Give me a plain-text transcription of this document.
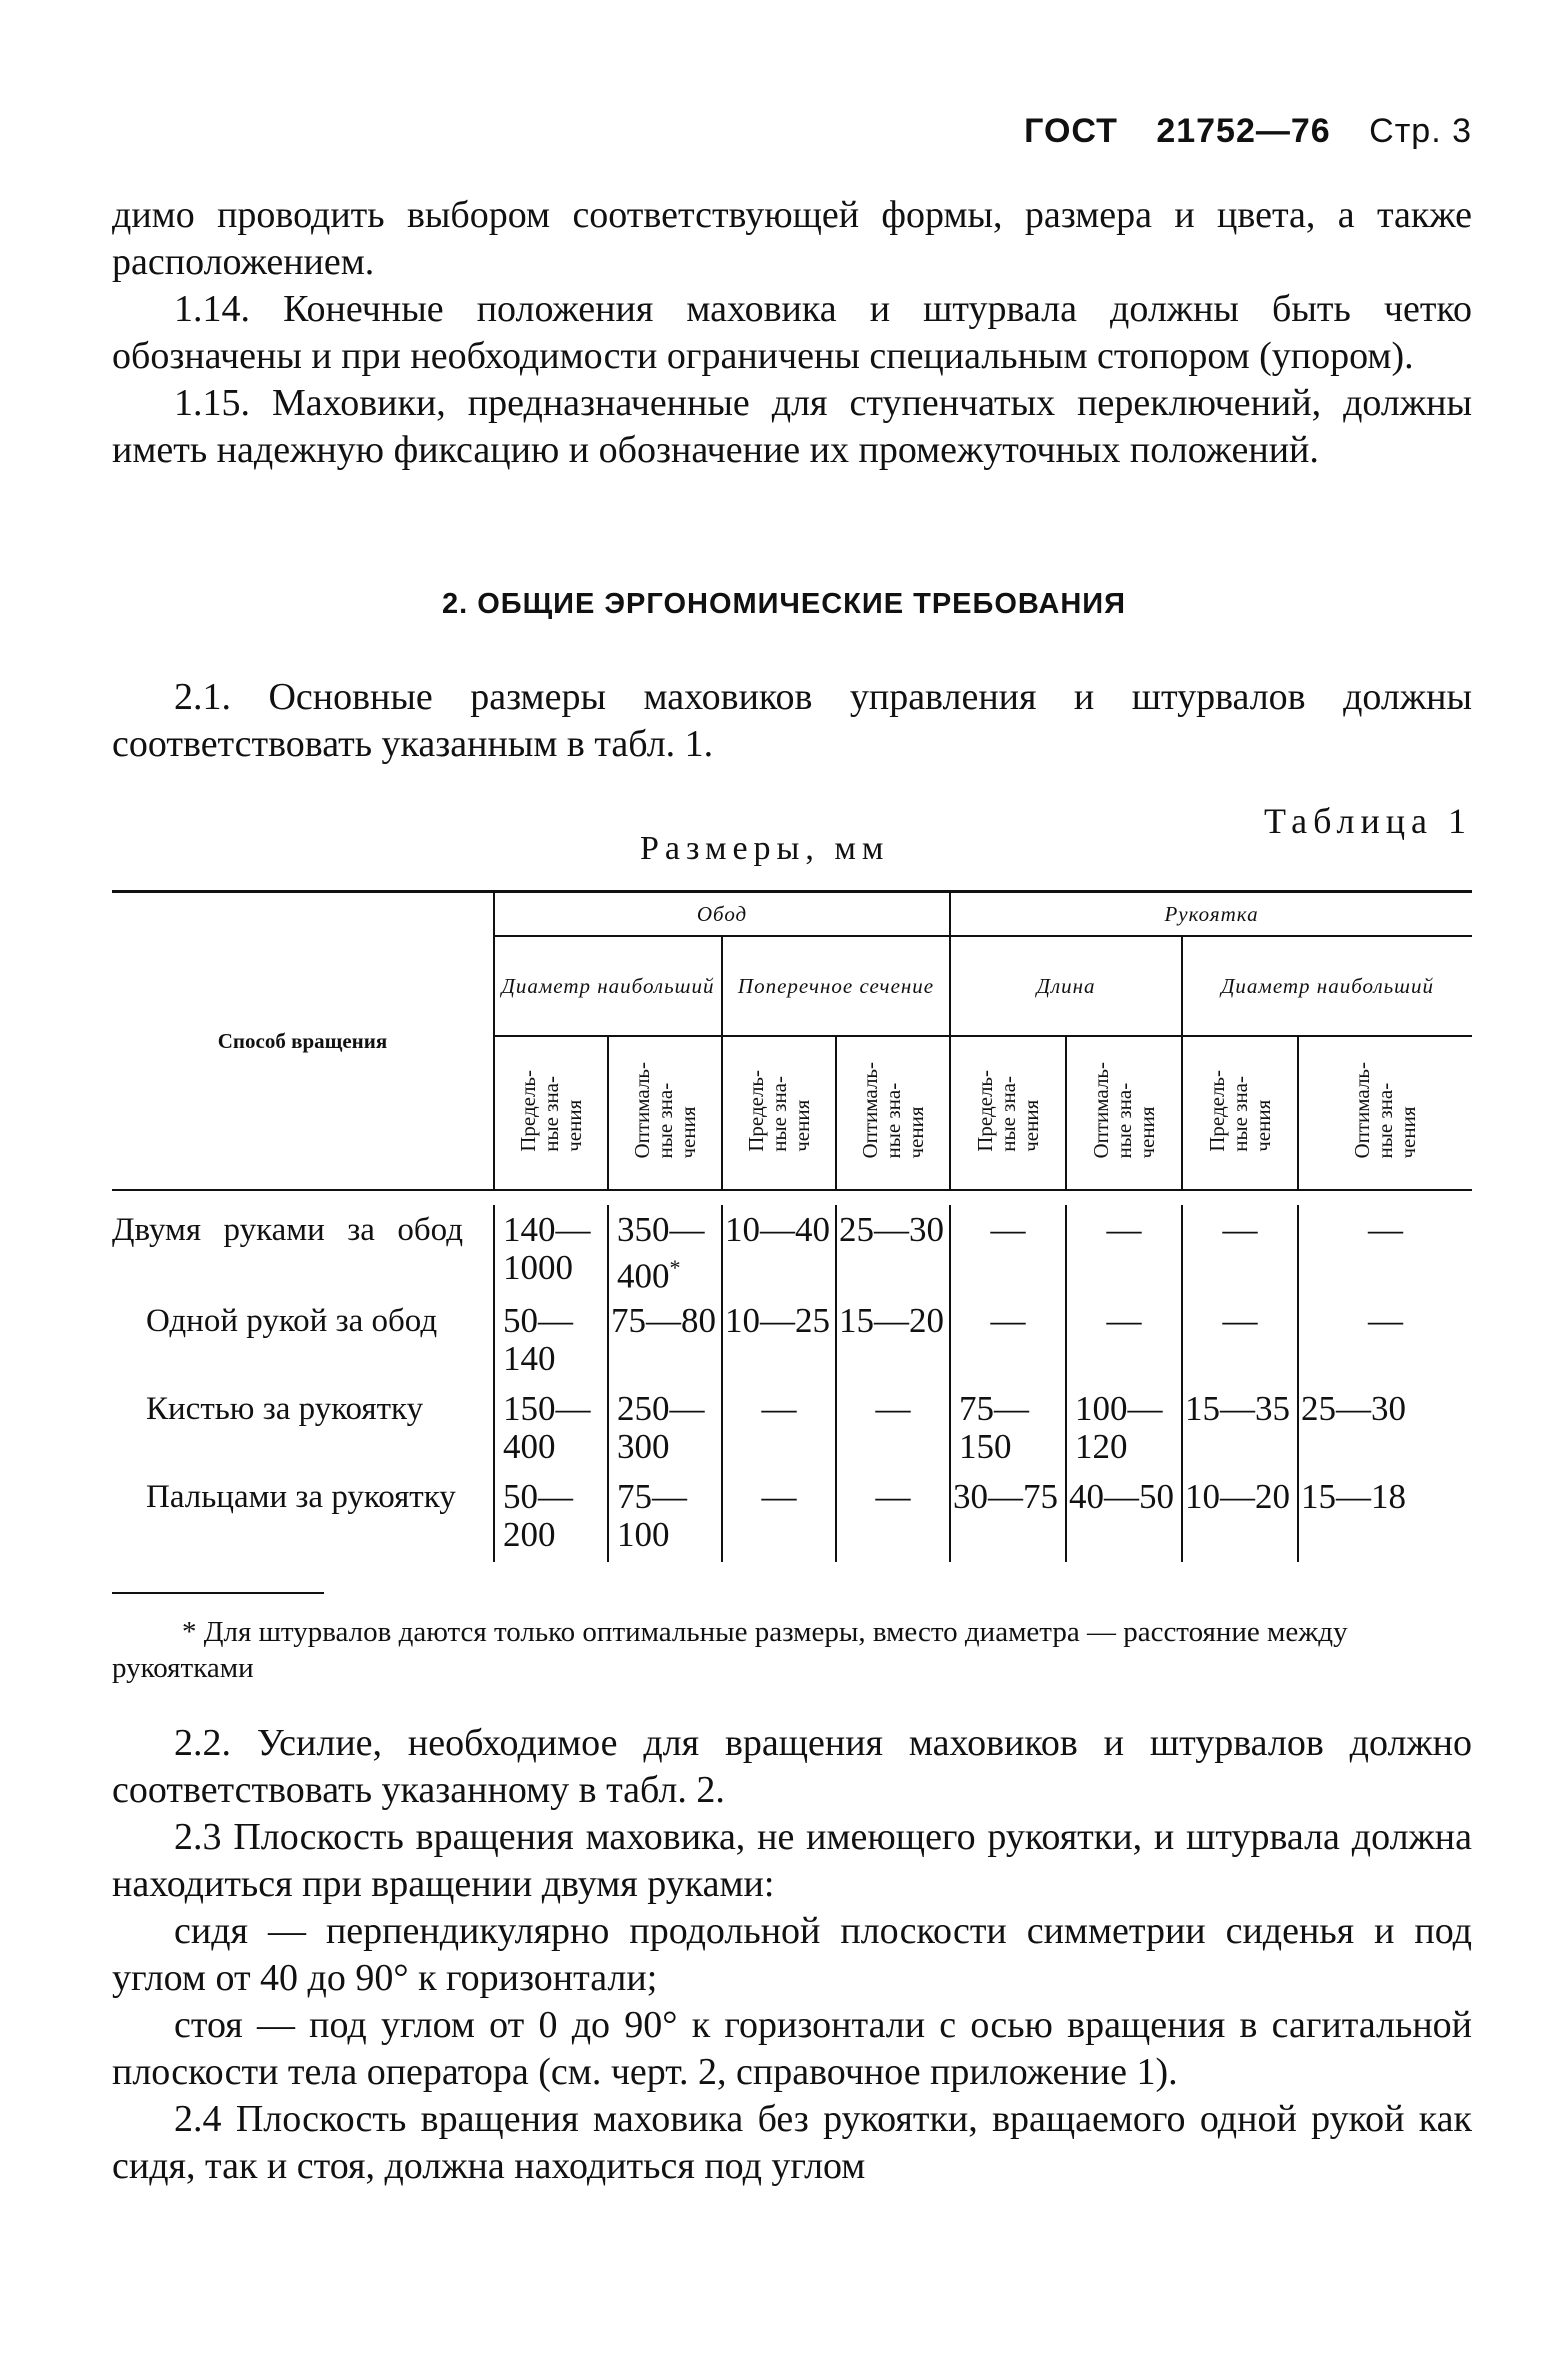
ГОСТ 21752—76 Стр. 3

димо проводить выбором соответствующей формы, размера и цвета, а также расположением.

1.14. Конечные положения маховика и штурвала должны быть четко обозначены и при необходимости ограничены специальным стопором (упором).

1.15. Маховики, предназначенные для ступенчатых переключений, должны иметь надежную фиксацию и обозначение их промежуточных положений.

2. ОБЩИЕ ЭРГОНОМИЧЕСКИЕ ТРЕБОВАНИЯ

2.1. Основные размеры маховиков управления и штурвалов должны соответствовать указанным в табл. 1.

Таблица 1
Размеры, мм
Способ вращения	Обод				Рукоятка			
	Диаметр наибольший		Поперечное сечение		Длина		Диаметр наибольший	
	Предель-
ные зна-
чения	Оптималь-
ные зна-
чения	Предель-
ные зна-
чения	Оптималь-
ные зна-
чения	Предель-
ные зна-
чения	Оптималь-
ные зна-
чения	Предель-
ные зна-
чения	Оптималь-
ные зна-
чения

Двумя руками за обод	140—
1000	350—
400*	10—40	25—30	—	—	—	—
Одной рукой за обод	50—
140	75—80	10—25	15—20	—	—	—	—
Кистью за рукоятку	150—
400	250—
300	—	—	75—
150	100—
120	15—35	25—30
Пальцами за рукоятку	50—
200	75—
100	—	—	30—75	40—50	10—20	15—18

* Для штурвалов даются только оптимальные размеры, вместо диаметра — расстояние между рукоятками

2.2. Усилие, необходимое для вращения маховиков и штурвалов должно соответствовать указанному в табл. 2.

2.3 Плоскость вращения маховика, не имеющего рукоятки, и штурвала должна находиться при вращении двумя руками:

сидя — перпендикулярно продольной плоскости симметрии сиденья и под углом от 40 до 90° к горизонтали;

стоя — под углом от 0 до 90° к горизонтали с осью вращения в сагитальной плоскости тела оператора (см. черт. 2, справочное приложение 1).

2.4 Плоскость вращения маховика без рукоятки, вращаемого одной рукой как сидя, так и стоя, должна находиться под углом
